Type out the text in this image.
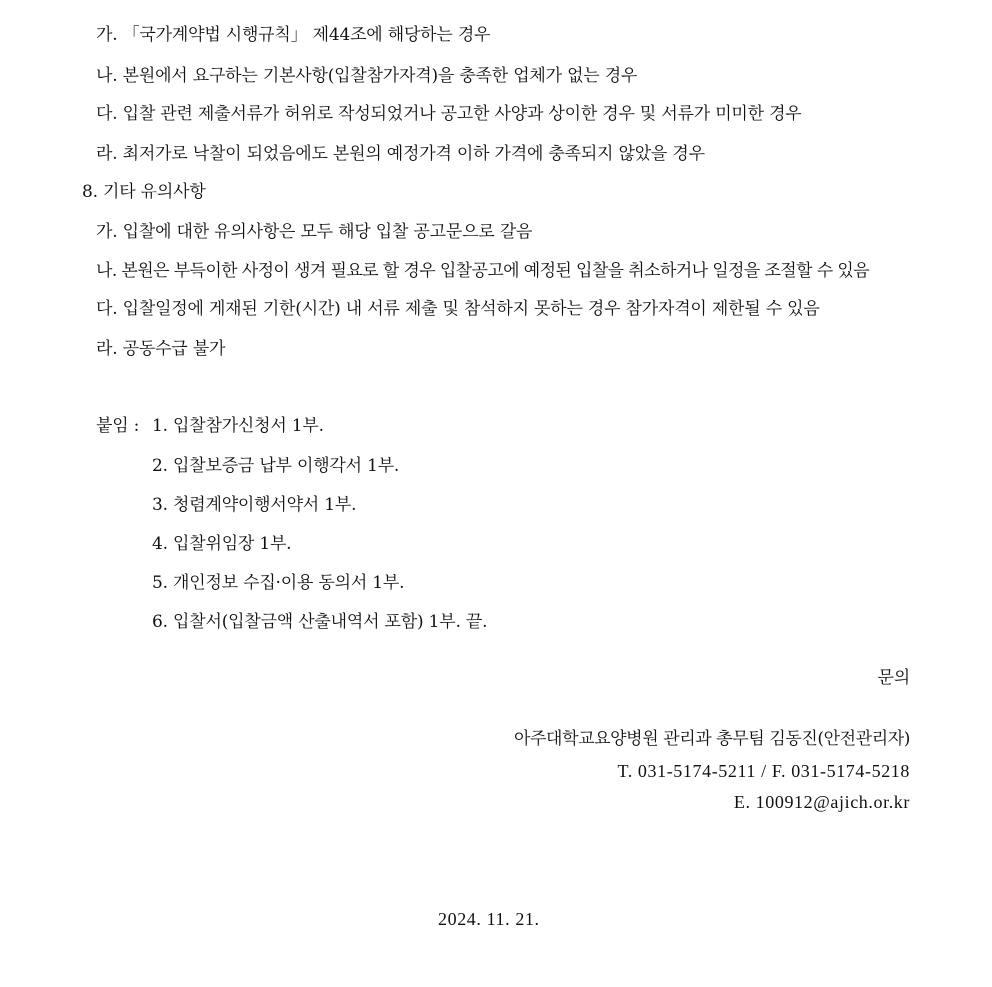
가. 「국가계약법 시행규칙」 제44조에 해당하는 경우
나. 본원에서 요구하는 기본사항(입찰참가자격)을 충족한 업체가 없는 경우
다. 입찰 관련 제출서류가 허위로 작성되었거나 공고한 사양과 상이한 경우 및 서류가 미미한 경우
라. 최저가로 낙찰이 되었음에도 본원의 예정가격 이하 가격에 충족되지 않았을 경우
8. 기타 유의사항
가. 입찰에 대한 유의사항은 모두 해당 입찰 공고문으로 갈음
나. 본원은 부득이한 사정이 생겨 필요로 할 경우 입찰공고에 예정된 입찰을 취소하거나 일정을 조절할 수 있음
다. 입찰일정에 게재된 기한(시간) 내 서류 제출 및 참석하지 못하는 경우 참가자격이 제한될 수 있음
라. 공동수급 불가
붙임 : 1. 입찰참가신청서 1부.
2. 입찰보증금 납부 이행각서 1부.
3. 청렴계약이행서약서 1부.
4. 입찰위임장 1부.
5. 개인정보 수집·이용 동의서 1부.
6. 입찰서(입찰금액 산출내역서 포함) 1부. 끝.
문의
아주대학교요양병원 관리과 총무팀 김동진(안전관리자)
T. 031-5174-5211 / F. 031-5174-5218
E. 100912@ajich.or.kr
2024. 11. 21.
